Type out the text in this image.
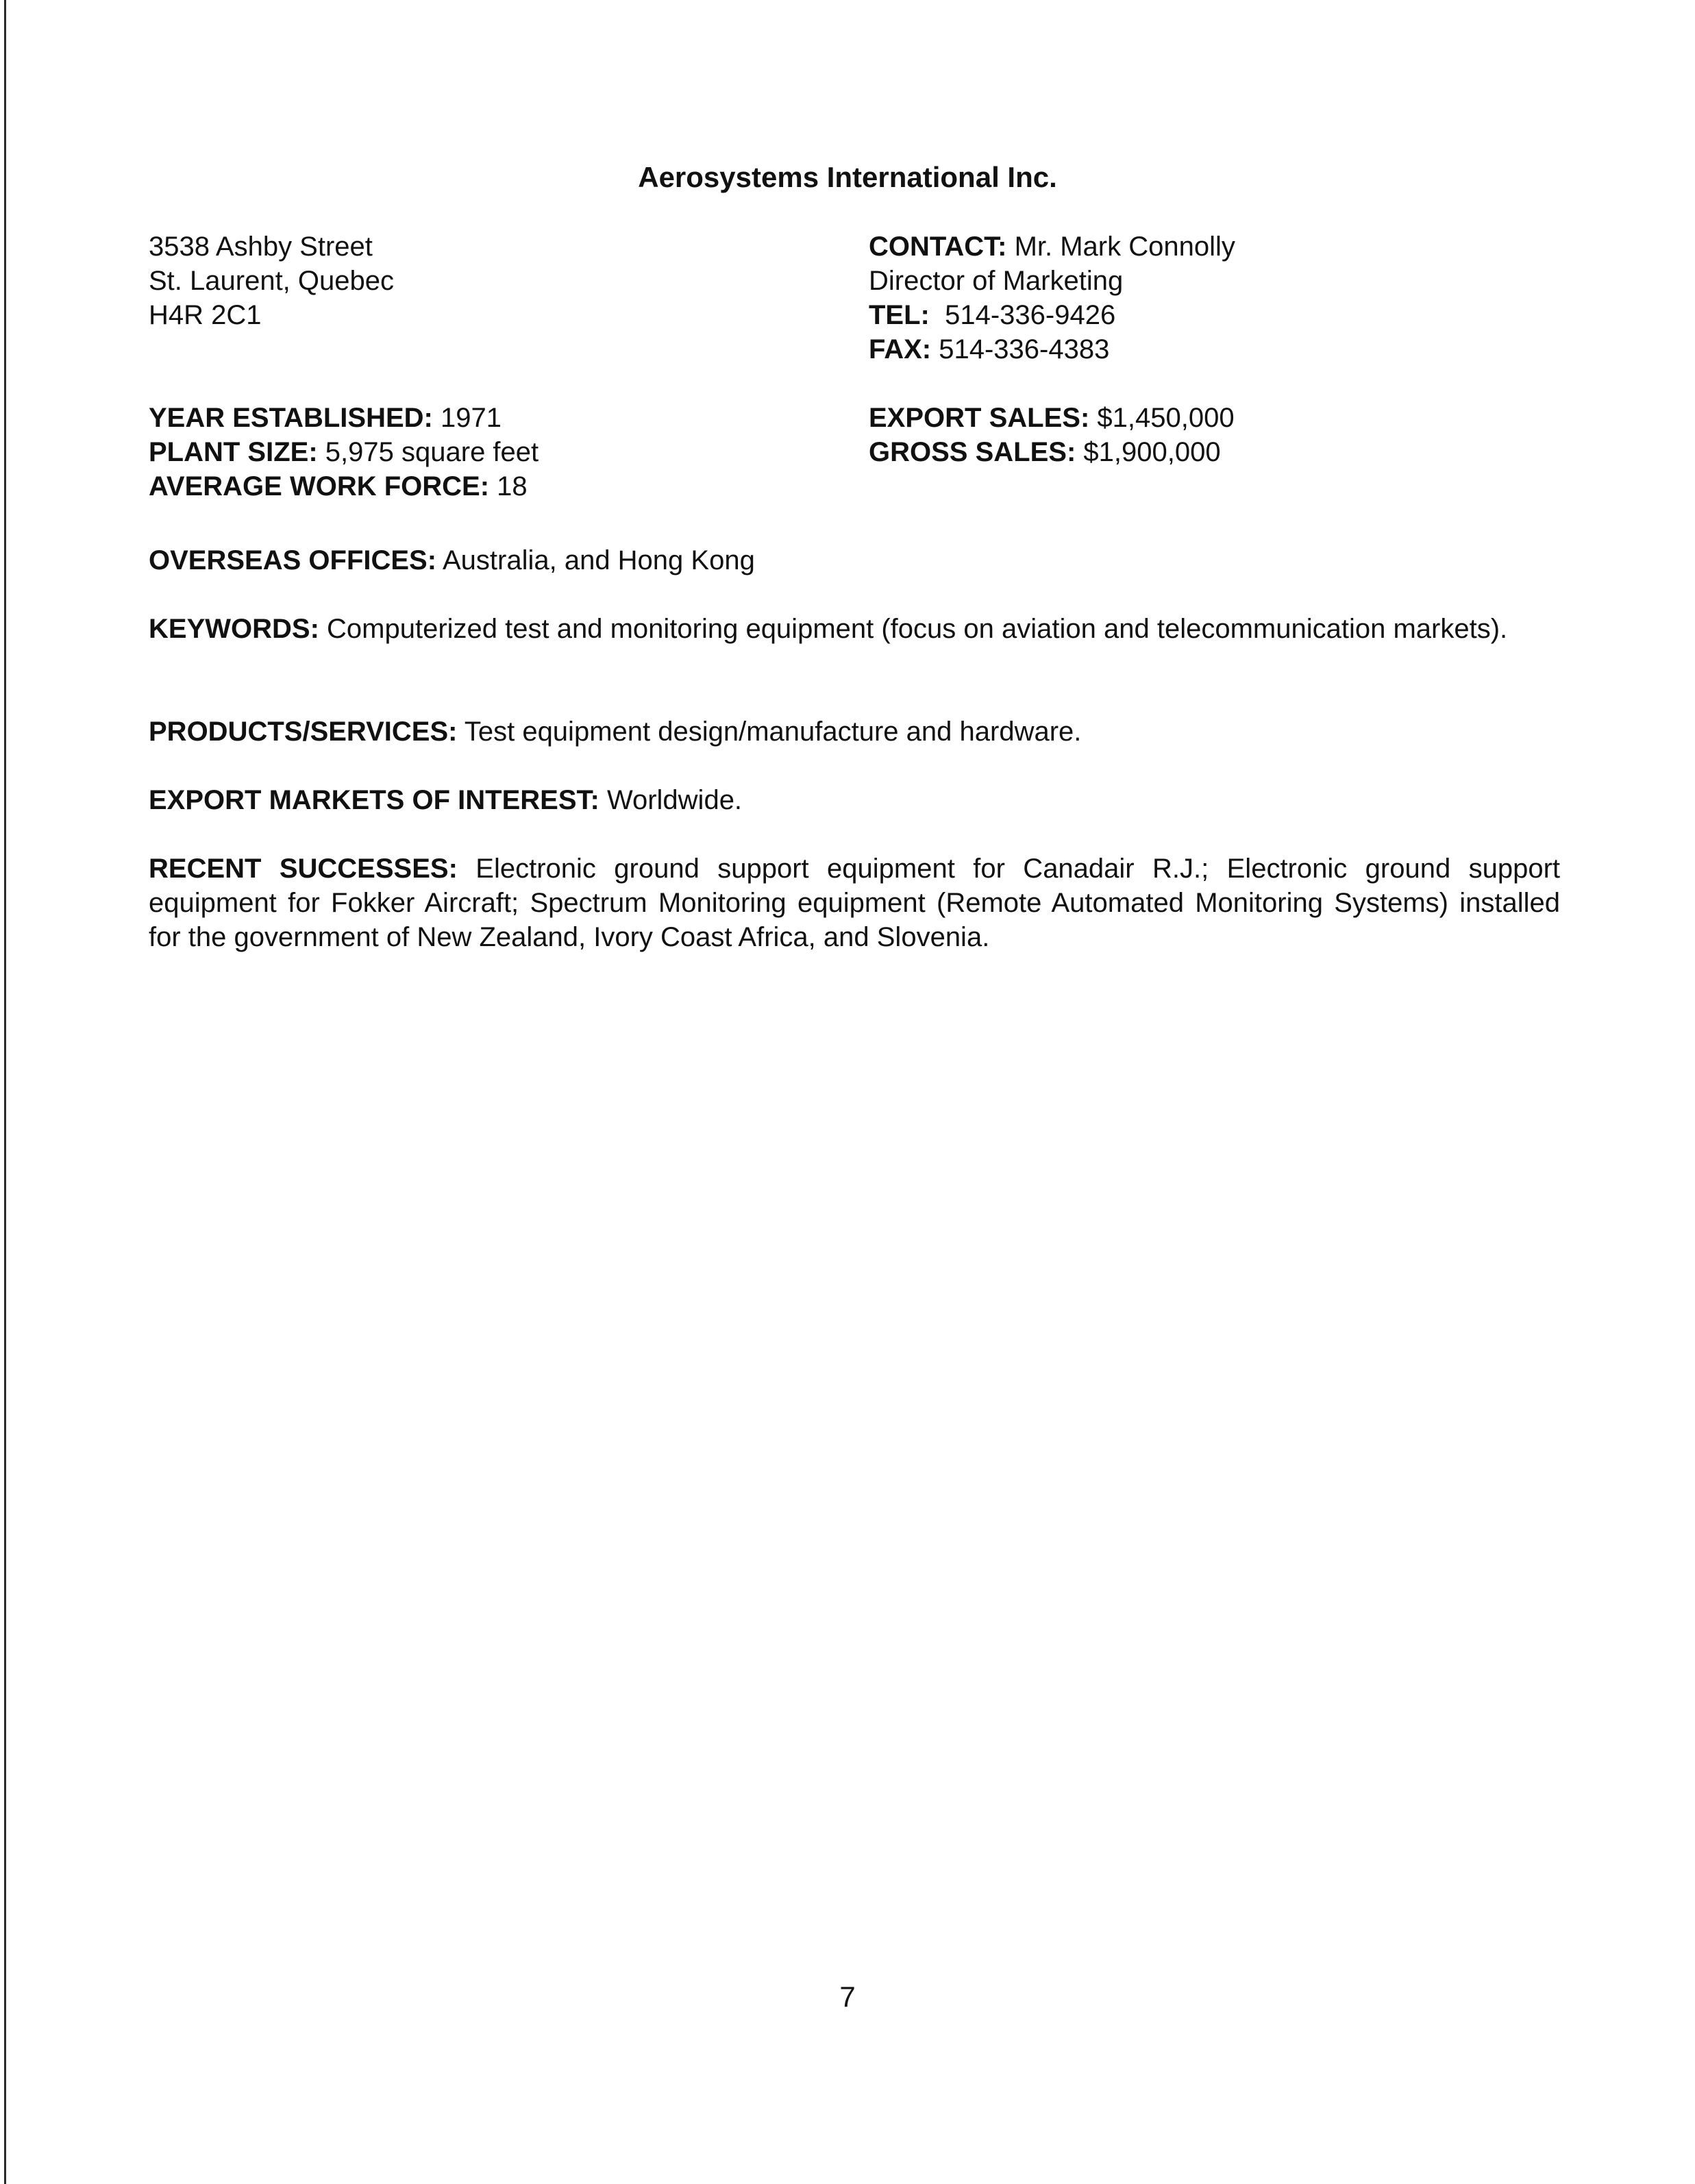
Aerosystems International Inc.
3538 Ashby Street
St. Laurent, Quebec
H4R 2C1
CONTACT: Mr. Mark Connolly
Director of Marketing
TEL: 514-336-9426
FAX: 514-336-4383
YEAR ESTABLISHED: 1971
PLANT SIZE: 5,975 square feet
AVERAGE WORK FORCE: 18
EXPORT SALES: $1,450,000
GROSS SALES: $1,900,000
OVERSEAS OFFICES: Australia, and Hong Kong
KEYWORDS: Computerized test and monitoring equipment (focus on aviation and telecommunication markets).
PRODUCTS/SERVICES: Test equipment design/manufacture and hardware.
EXPORT MARKETS OF INTEREST: Worldwide.
RECENT SUCCESSES: Electronic ground support equipment for Canadair R.J.; Electronic ground support equipment for Fokker Aircraft; Spectrum Monitoring equipment (Remote Automated Monitoring Systems) installed for the government of New Zealand, Ivory Coast Africa, and Slovenia.
7
